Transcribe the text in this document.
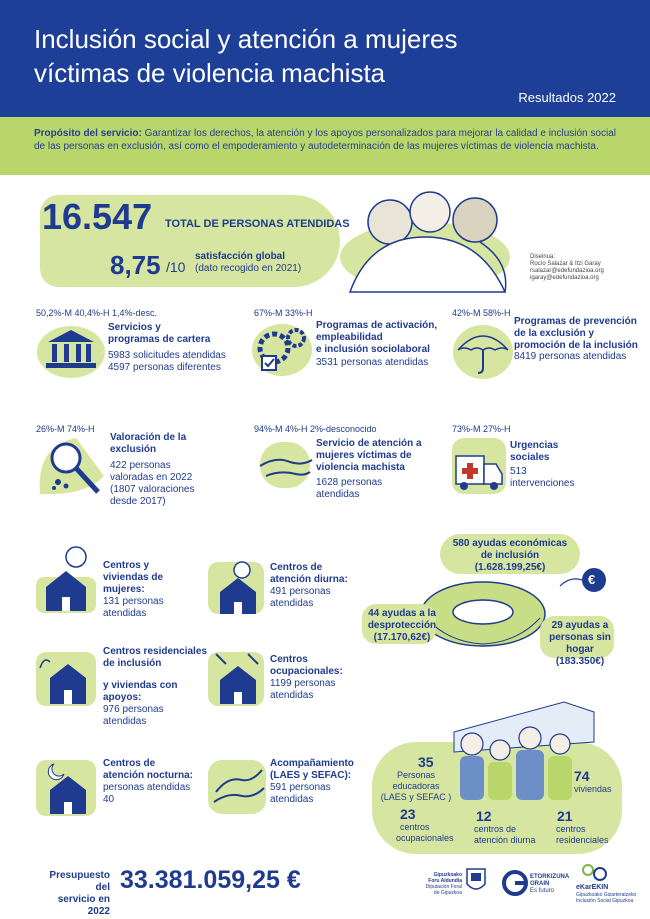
Inclusión social y atención a mujeres
víctimas de violencia machista
Resultados 2022
Propósito del servicio: Garantizar los derechos, la atención y los apoyos personalizados para mejorar la calidad e inclusión social de las personas en exclusión, así como el empoderamiento y autodeterminación de las mujeres víctimas de violencia machista.
16.547 TOTAL DE PERSONAS ATENDIDAS
8,75 /10
satisfacción global
(dato recogido en 2021)
Diseinua:
Rocío Salazar & Itzi Garay
rsalazar@edefundazioa.org
igaray@edefundazioa.org
50,2%-M 40,4%-H 1,4%-desc.
Servicios y
programas de cartera
5983 solicitudes atendidas
4597 personas diferentes
67%-M 33%-H
Programas de activación,
empleabilidad
e inclusión sociolaboral
3531 personas atendidas
42%-M 58%-H
Programas de prevención
de la exclusión y
promoción de la inclusión
8419 personas atendidas
26%-M 74%-H
Valoración de la
exclusión
422 personas
valoradas en 2022
(1807 valoraciones
desde 2017)
94%-M 4%-H 2%-desconocido
Servicio de atención a
mujeres víctimas de
violencia machista
1628 personas
atendidas
73%-M 27%-H
Urgencias
sociales
513
intervenciones
Centros y
viviendas de
mujeres:
131 personas
atendidas
Centros de
atención diurna:
491 personas
atendidas
Centros residenciales
de inclusión
y viviendas con
apoyos:
976 personas
atendidas
Centros
ocupacionales:
1199 personas
atendidas
Centros de
atención nocturna:
personas atendidas
40
Acompañamiento
(LAES y SEFAC):
591 personas
atendidas
580 ayudas económicas
de inclusión
(1.628.199,25€)
€
44 ayudas a la
desprotección
(17.170,62€)
29 ayudas a
personas sin hogar
(183.350€)
35
Personas
educadoras
(LAES y SEFAC )
74
viviendas
23
centros
ocupacionales
12
centros de
atención diurna
21
centros
residenciales
Presupuesto del
servicio en 2022
33.381.059,25 €	Gipuzkoako
Foru Aldundia
Diputación Foral
de Gipuzkoa
ETORKIZUNA
ORAIN
Es futuro	eKarEKIN
Gipuzkoako Gizarteratzeko
Inclusión Social Gipuzkoa
